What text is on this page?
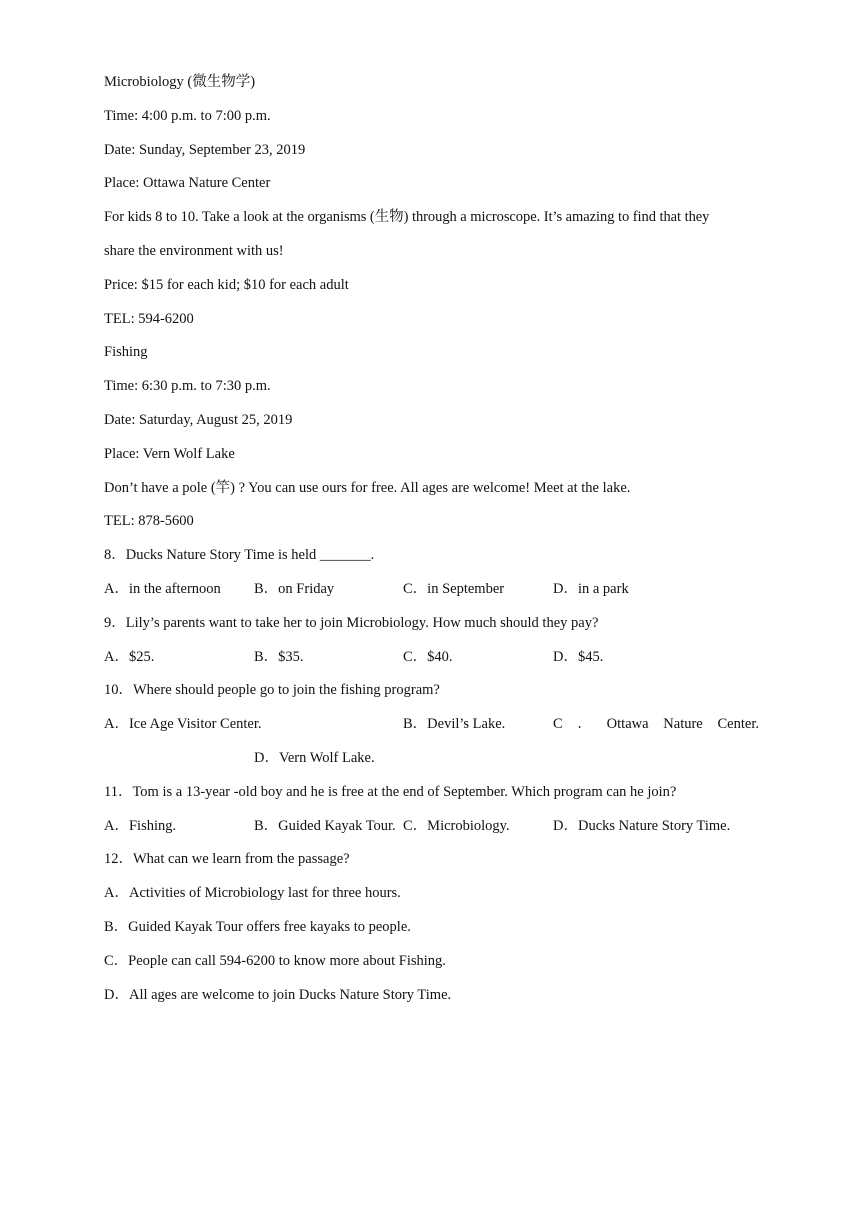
Microbiology (微生物学)
Time: 4:00 p.m. to 7:00 p.m.
Date: Sunday, September 23, 2019
Place: Ottawa Nature Center
For kids 8 to 10. Take a look at the organisms (生物) through a microscope. It’s amazing to find that they
share the environment with us!
Price: $15 for each kid; $10 for each adult
TEL: 594-6200
Fishing
Time: 6:30 p.m. to 7:30 p.m.
Date: Saturday, August 25, 2019
Place: Vern Wolf Lake
Don’t have a pole (竿) ? You can use ours for free. All ages are welcome! Meet at the lake.
TEL: 878-5600
8．Ducks Nature Story Time is held _______.
A．in the afternoon B．on Friday	C．in September	D．in a park
9．Lily’s parents want to take her to join Microbiology. How much should they pay?
A．$25.	B．$35.	C．$40.	D．$45.
10．Where should people go to join the fishing program?
A．Ice Age Visitor Center.	B．Devil’s Lake.	C ． Ottawa Nature Center.
D．Vern Wolf Lake.
11．Tom is a 13-year -old boy and he is free at the end of September. Which program can he join?
A．Fishing.	B．Guided Kayak Tour. C．Microbiology.	D．Ducks Nature Story Time.
12．What can we learn from the passage?
A．Activities of Microbiology last for three hours.
B．Guided Kayak Tour offers free kayaks to people.
C．People can call 594-6200 to know more about Fishing.
D．All ages are welcome to join Ducks Nature Story Time.
